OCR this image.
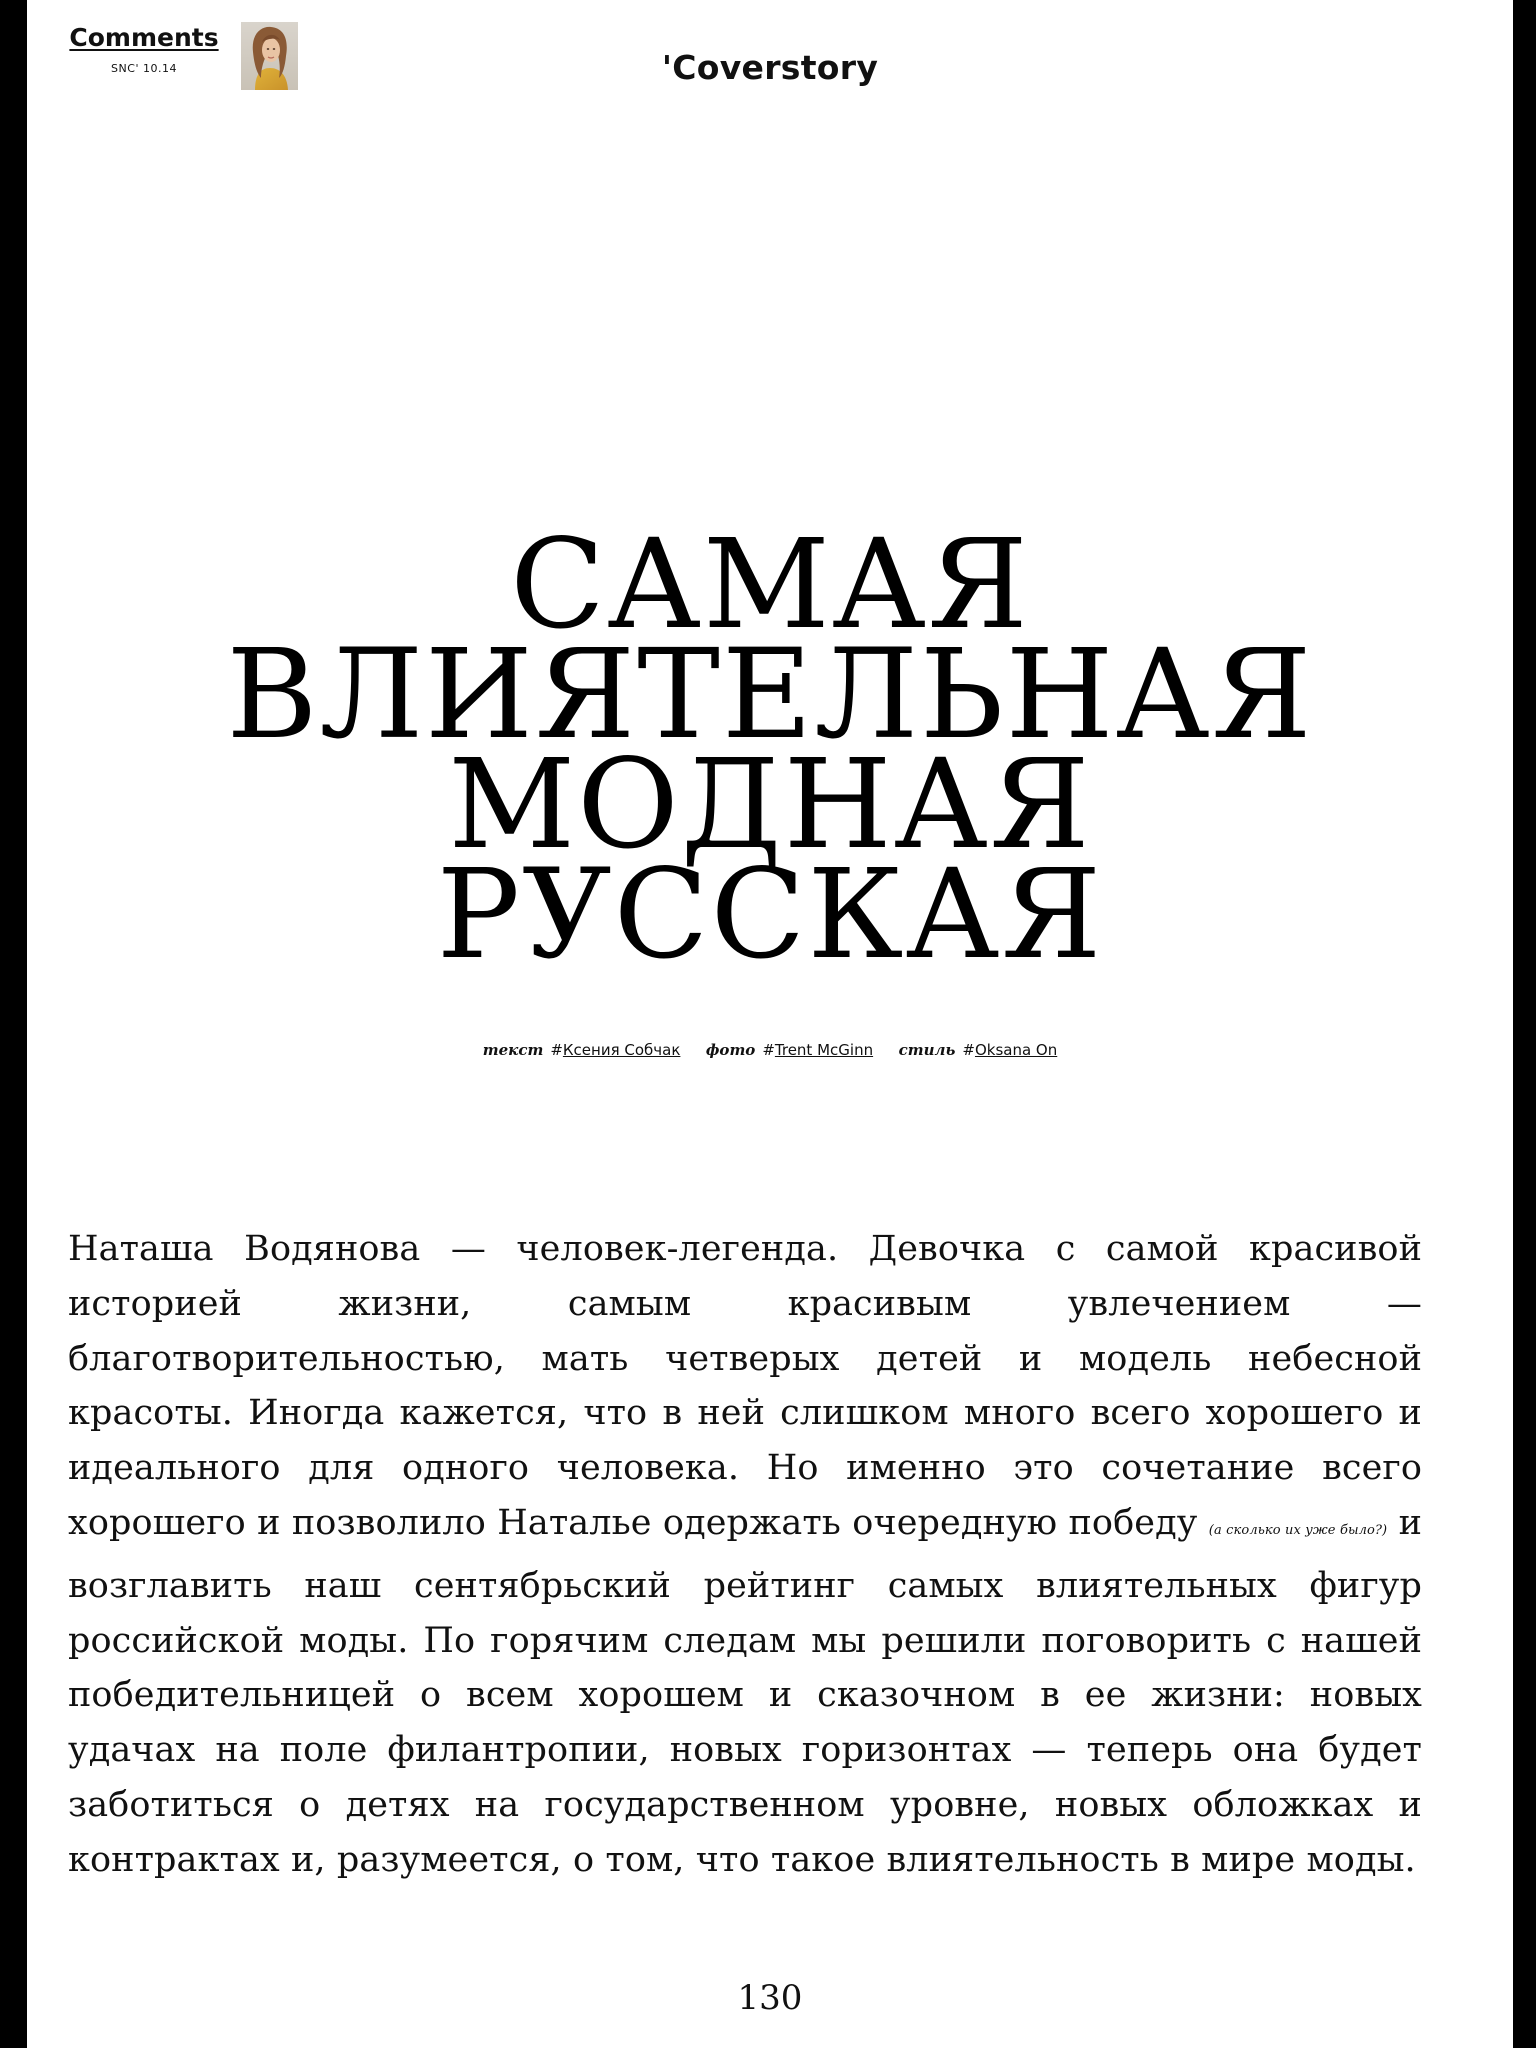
Comments
SNC' 10.14	'Coverstory
САМАЯ
ВЛИЯТЕЛЬНАЯ
МОДНАЯ
РУССКАЯ
текст #Ксения Собчак фото #Trent McGinn стиль #Oksana On

Наташа Водянова — человек-легенда. Девочка с самой красивой историей жизни, самым красивым увлечением — благотворительностью, мать четверых детей и модель небесной красоты. Иногда кажется, что в ней слишком много всего хорошего и идеального для одного человека. Но именно это сочетание всего хорошего и позволило Наталье одержать очередную победу (а сколько их уже было?) и возглавить наш сентябрьский рейтинг самых влиятельных фигур российской моды. По горячим следам мы решили поговорить с нашей победительницей о всем хорошем и сказочном в ее жизни: новых удачах на поле филантропии, новых горизонтах — теперь она будет заботиться о детях на государственном уровне, новых обложках и контрактах и, разумеется, о том, что такое влиятельность в мире моды.

130
